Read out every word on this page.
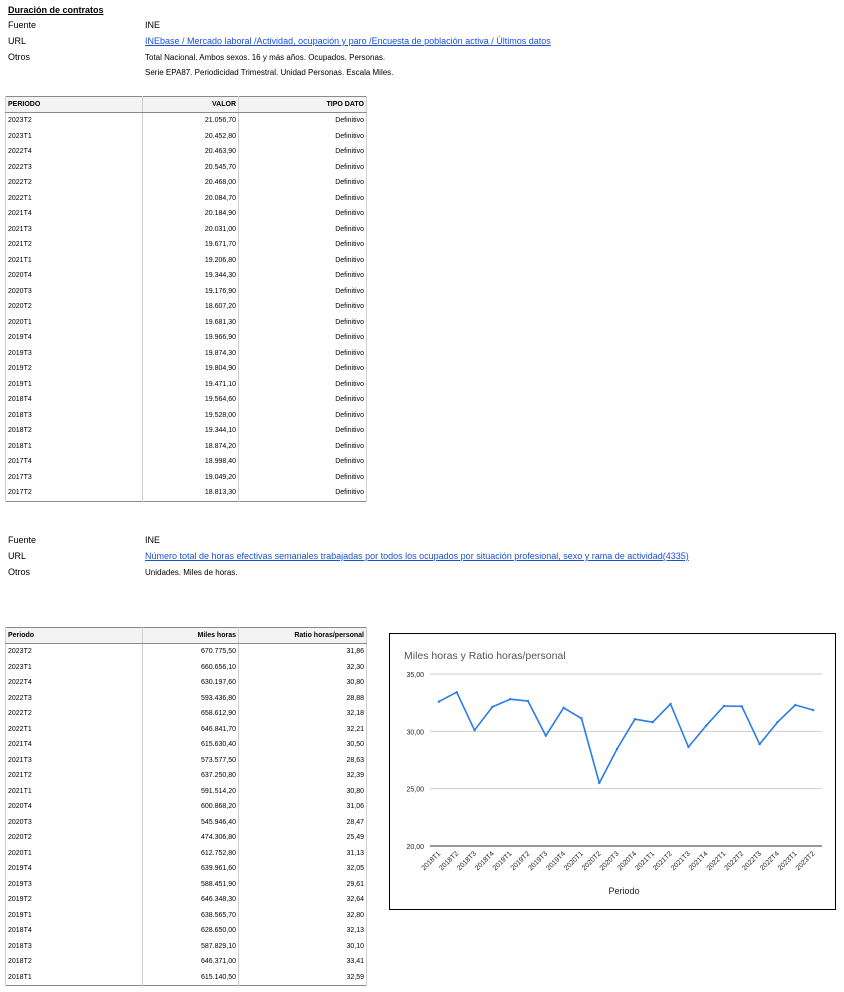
Duración de contratos
Fuente	INE
URL	INEbase / Mercado laboral /Actividad, ocupación y paro /Encuesta de población activa / Últimos datos
Otros	Total Nacional. Ambos sexos. 16 y más años. Ocupados. Personas.
Serie EPA87. Periodicidad Trimestral. Unidad Personas. Escala Miles.
PERIODO	VALOR	TIPO DATO
2023T2	21.056,70	Definitivo
2023T1	20.452,80	Definitivo
2022T4	20.463,90	Definitivo
2022T3	20.545,70	Definitivo
2022T2	20.468,00	Definitivo
2022T1	20.084,70	Definitivo
2021T4	20.184,90	Definitivo
2021T3	20.031,00	Definitivo
2021T2	19.671,70	Definitivo
2021T1	19.206,80	Definitivo
2020T4	19.344,30	Definitivo
2020T3	19.176,90	Definitivo
2020T2	18.607,20	Definitivo
2020T1	19.681,30	Definitivo
2019T4	19.966,90	Definitivo
2019T3	19.874,30	Definitivo
2019T2	19.804,90	Definitivo
2019T1	19.471,10	Definitivo
2018T4	19.564,60	Definitivo
2018T3	19.528,00	Definitivo
2018T2	19.344,10	Definitivo
2018T1	18.874,20	Definitivo
2017T4	18.998,40	Definitivo
2017T3	19.049,20	Definitivo
2017T2	18.813,30	Definitivo
Fuente	INE
URL	Número total de horas efectivas semanales trabajadas por todos los ocupados por situación profesional, sexo y rama de actividad(4335)
Otros	Unidades. Miles de horas.
Periodo	Miles horas	Ratio horas/personal
2023T2	670.775,50	31,86
2023T1	660.656,10	32,30
2022T4	630.197,60	30,80
2022T3	593.436,80	28,88
2022T2	658.612,90	32,18
2022T1	646.841,70	32,21
2021T4	615.630,40	30,50
2021T3	573.577,50	28,63
2021T2	637.250,80	32,39
2021T1	591.514,20	30,80
2020T4	600.868,20	31,06
2020T3	545.946,40	28,47
2020T2	474.306,80	25,49
2020T1	612.752,80	31,13
2019T4	639.961,60	32,05
2019T3	588.451,90	29,61
2019T2	646.348,30	32,64
2019T1	638.565,70	32,80
2018T4	628.650,00	32,13
2018T3	587.829,10	30,10
2018T2	646.371,00	33,41
2018T1	615.140,50	32,59
Miles horas y Ratio horas/personal
20,00
25,00
30,00
35,00
2018T1
2018T2
2018T3
2018T4
2019T1
2019T2
2019T3
2019T4
2020T1
2020T2
2020T3
2020T4
2021T1
2021T2
2021T3
2021T4
2022T1
2022T2
2022T3
2022T4
2023T1
2023T2
Periodo
